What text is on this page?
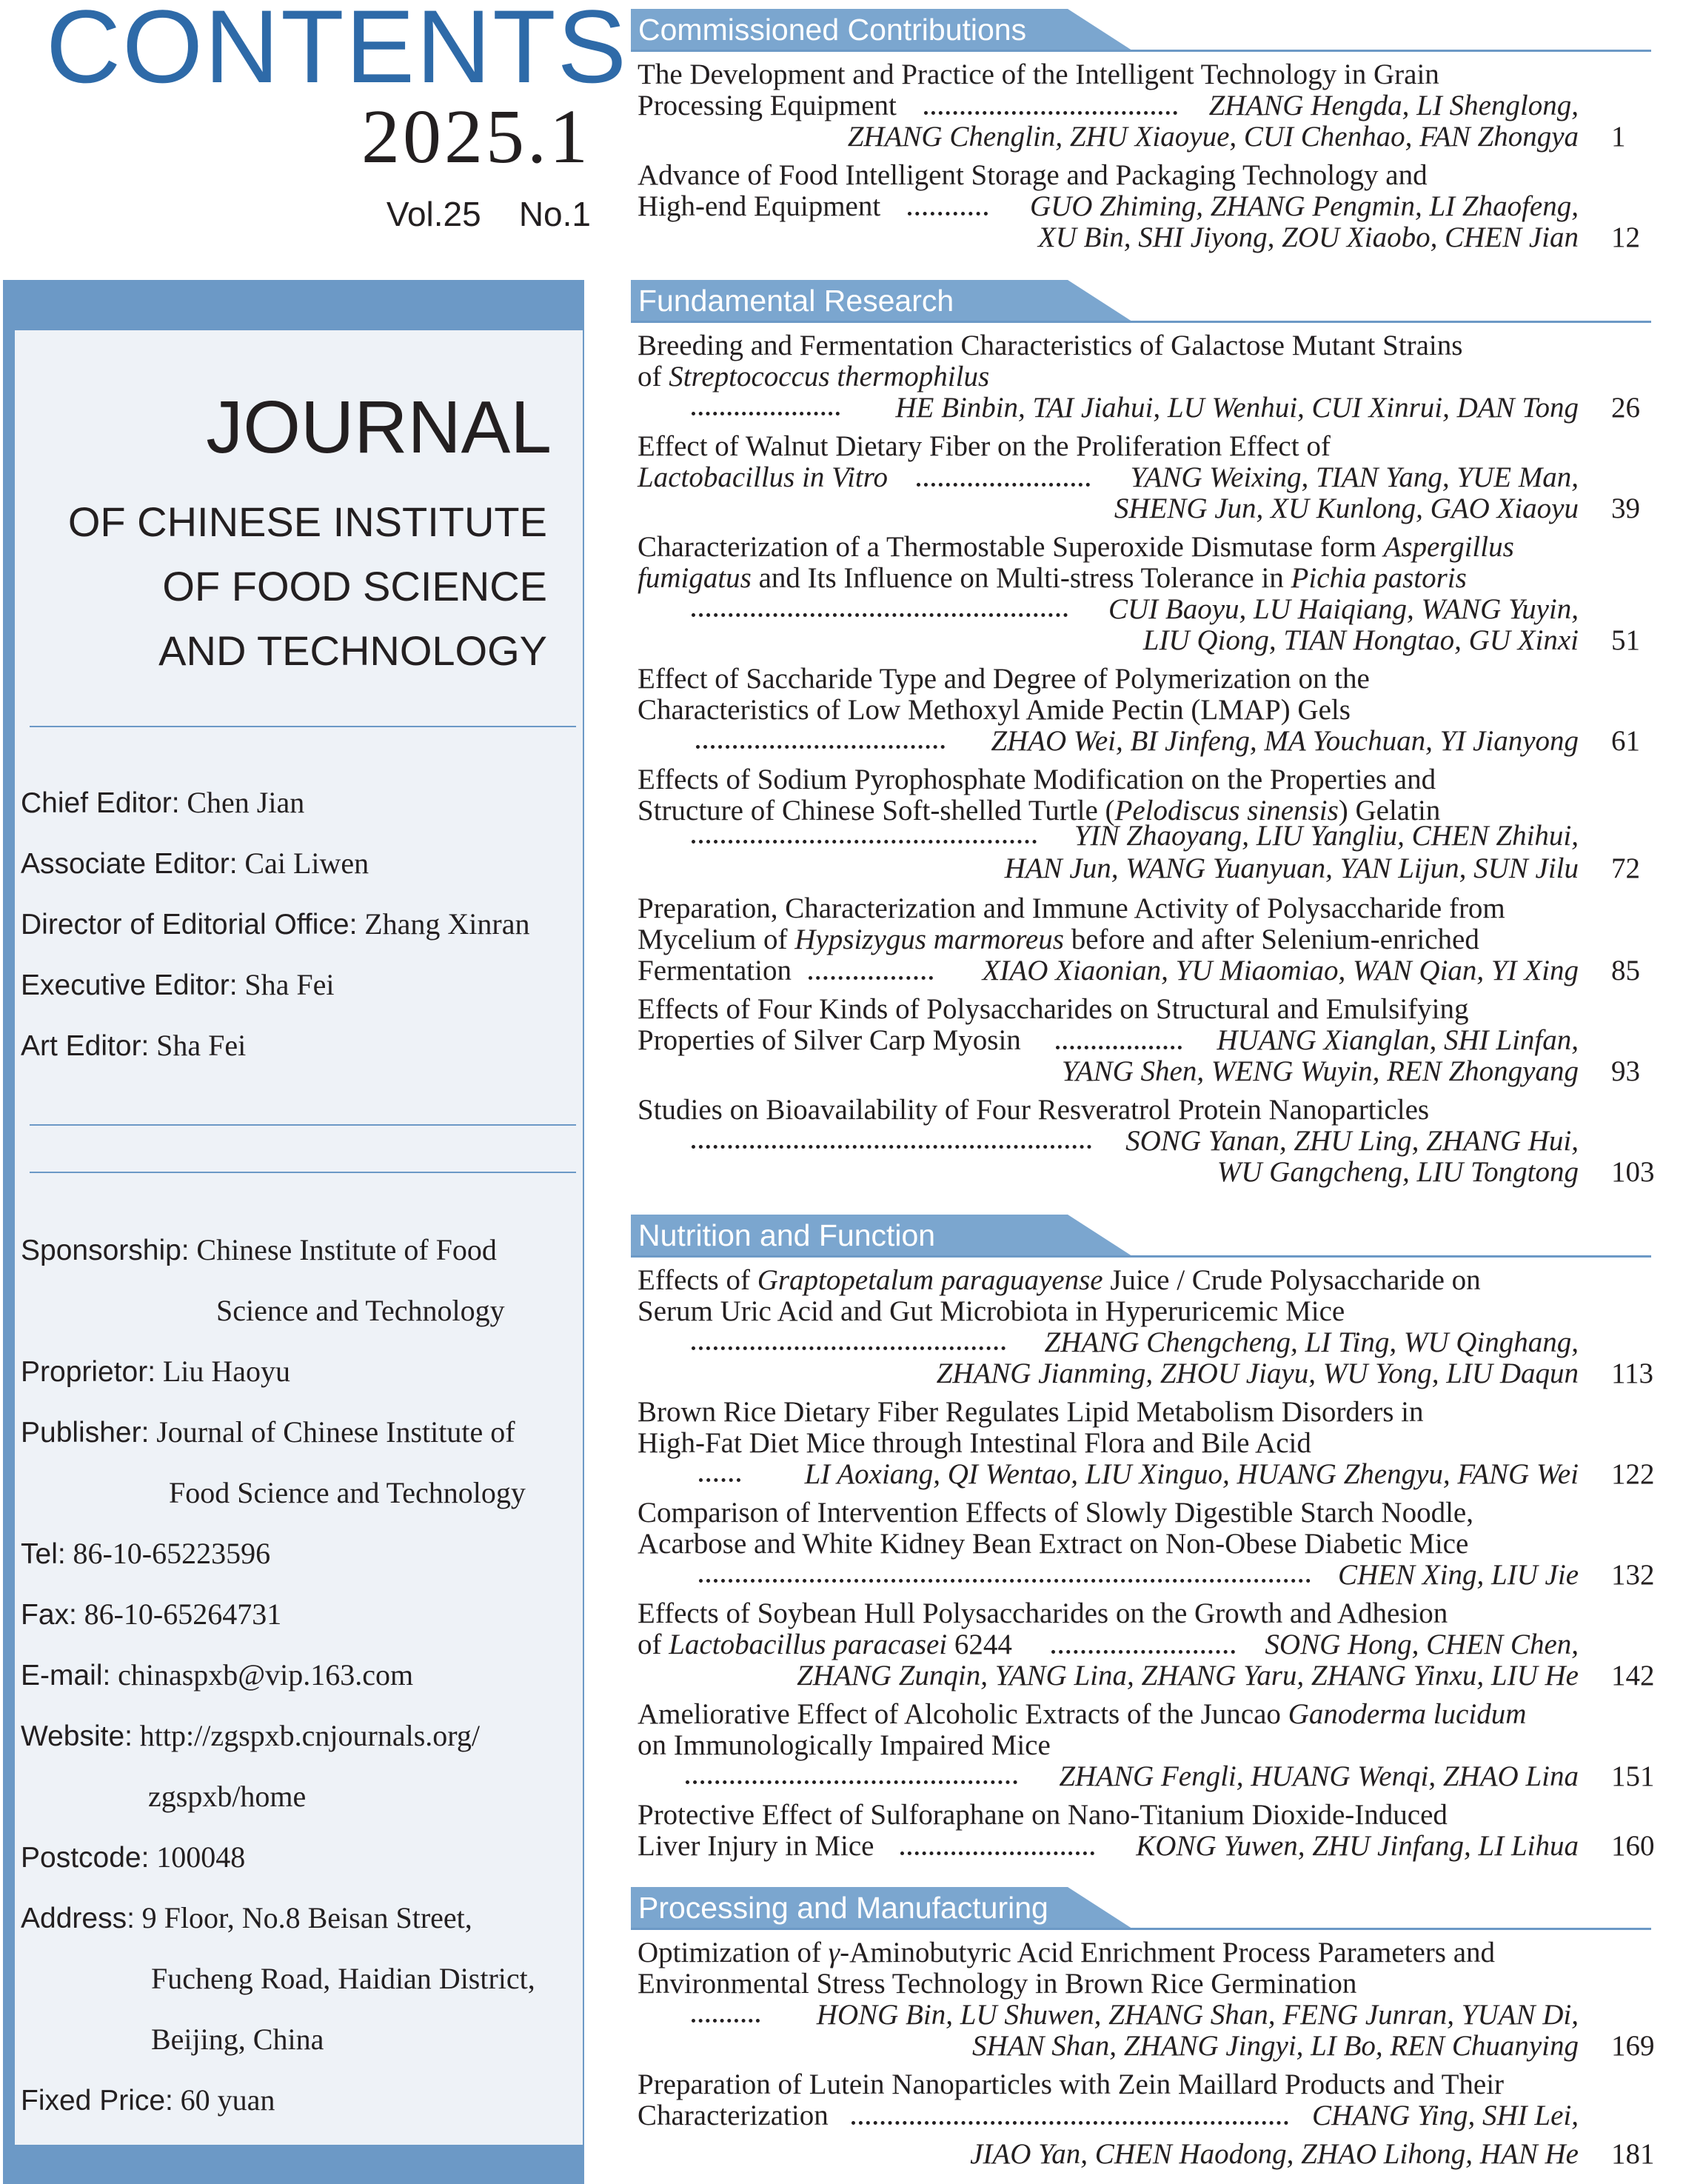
CONTENTS
2025.1
Vol.25    No.1
JOURNAL
OF CHINESE INSTITUTE
OF FOOD SCIENCE
AND TECHNOLOGY
Chief Editor: Chen Jian
Associate Editor: Cai Liwen
Director of Editorial Office: Zhang Xinran
Executive Editor: Sha Fei
Art Editor: Sha Fei
Sponsorship: Chinese Institute of Food
Science and Technology
Proprietor: Liu Haoyu
Publisher: Journal of Chinese Institute of
Food Science and Technology
Tel: 86-10-65223596
Fax: 86-10-65264731
E-mail: chinaspxb@vip.163.com
Website: http://zgspxb.cnjournals.org/
zgspxb/home
Postcode: 100048
Address: 9 Floor, No.8 Beisan Street,
Fucheng Road, Haidian District,
Beijing, China
Fixed Price: 60 yuan
Commissioned Contributions
The Development and Practice of the Intelligent Technology in Grain
Processing Equipment	ZHANG Hengda, LI Shenglong,
ZHANG Chenglin, ZHU Xiaoyue, CUI Chenhao, FAN Zhongya 1
Advance of Food Intelligent Storage and Packaging Technology and
High-end Equipment	GUO Zhiming, ZHANG Pengmin, LI Zhaofeng,
XU Bin, SHI Jiyong, ZOU Xiaobo, CHEN Jian 12
Fundamental Research
Breeding and Fermentation Characteristics of Galactose Mutant Strains
of Streptococcus thermophilus
HE Binbin, TAI Jiahui, LU Wenhui, CUI Xinrui, DAN Tong 26
Effect of Walnut Dietary Fiber on the Proliferation Effect of
Lactobacillus in Vitro	YANG Weixing, TIAN Yang, YUE Man,
SHENG Jun, XU Kunlong, GAO Xiaoyu 39
Characterization of a Thermostable Superoxide Dismutase form Aspergillus
fumigatus and Its Influence on Multi-stress Tolerance in Pichia pastoris
CUI Baoyu, LU Haiqiang, WANG Yuyin,
LIU Qiong, TIAN Hongtao, GU Xinxi 51
Effect of Saccharide Type and Degree of Polymerization on the
Characteristics of Low Methoxyl Amide Pectin (LMAP) Gels
ZHAO Wei, BI Jinfeng, MA Youchuan, YI Jianyong 61
Effects of Sodium Pyrophosphate Modification on the Properties and
Structure of Chinese Soft-shelled Turtle (Pelodiscus sinensis) Gelatin
YIN Zhaoyang, LIU Yangliu, CHEN Zhihui,
HAN Jun, WANG Yuanyuan, YAN Lijun, SUN Jilu 72
Preparation, Characterization and Immune Activity of Polysaccharide from
Mycelium of Hypsizygus marmoreus before and after Selenium-enriched
Fermentation	XIAO Xiaonian, YU Miaomiao, WAN Qian, YI Xing 85
Effects of Four Kinds of Polysaccharides on Structural and Emulsifying
Properties of Silver Carp Myosin	HUANG Xianglan, SHI Linfan,
YANG Shen, WENG Wuyin, REN Zhongyang 93
Studies on Bioavailability of Four Resveratrol Protein Nanoparticles
SONG Yanan, ZHU Ling, ZHANG Hui,
WU Gangcheng, LIU Tongtong 103
Nutrition and Function
Effects of Graptopetalum paraguayense Juice / Crude Polysaccharide on
Serum Uric Acid and Gut Microbiota in Hyperuricemic Mice
ZHANG Chengcheng, LI Ting, WU Qinghang,
ZHANG Jianming, ZHOU Jiayu, WU Yong, LIU Daqun 113
Brown Rice Dietary Fiber Regulates Lipid Metabolism Disorders in
High-Fat Diet Mice through Intestinal Flora and Bile Acid
LI Aoxiang, QI Wentao, LIU Xinguo, HUANG Zhengyu, FANG Wei 122
Comparison of Intervention Effects of Slowly Digestible Starch Noodle,
Acarbose and White Kidney Bean Extract on Non-Obese Diabetic Mice
CHEN Xing, LIU Jie 132
Effects of Soybean Hull Polysaccharides on the Growth and Adhesion
of Lactobacillus paracasei 6244	SONG Hong, CHEN Chen,
ZHANG Zunqin, YANG Lina, ZHANG Yaru, ZHANG Yinxu, LIU He 142
Ameliorative Effect of Alcoholic Extracts of the Juncao Ganoderma lucidum
on Immunologically Impaired Mice
ZHANG Fengli, HUANG Wenqi, ZHAO Lina 151
Protective Effect of Sulforaphane on Nano-Titanium Dioxide-Induced
Liver Injury in Mice	KONG Yuwen, ZHU Jinfang, LI Lihua 160
Processing and Manufacturing
Optimization of γ-Aminobutyric Acid Enrichment Process Parameters and
Environmental Stress Technology in Brown Rice Germination
HONG Bin, LU Shuwen, ZHANG Shan, FENG Junran, YUAN Di,
SHAN Shan, ZHANG Jingyi, LI Bo, REN Chuanying 169
Preparation of Lutein Nanoparticles with Zein Maillard Products and Their
Characterization	CHANG Ying, SHI Lei,
JIAO Yan, CHEN Haodong, ZHAO Lihong, HAN He 181
